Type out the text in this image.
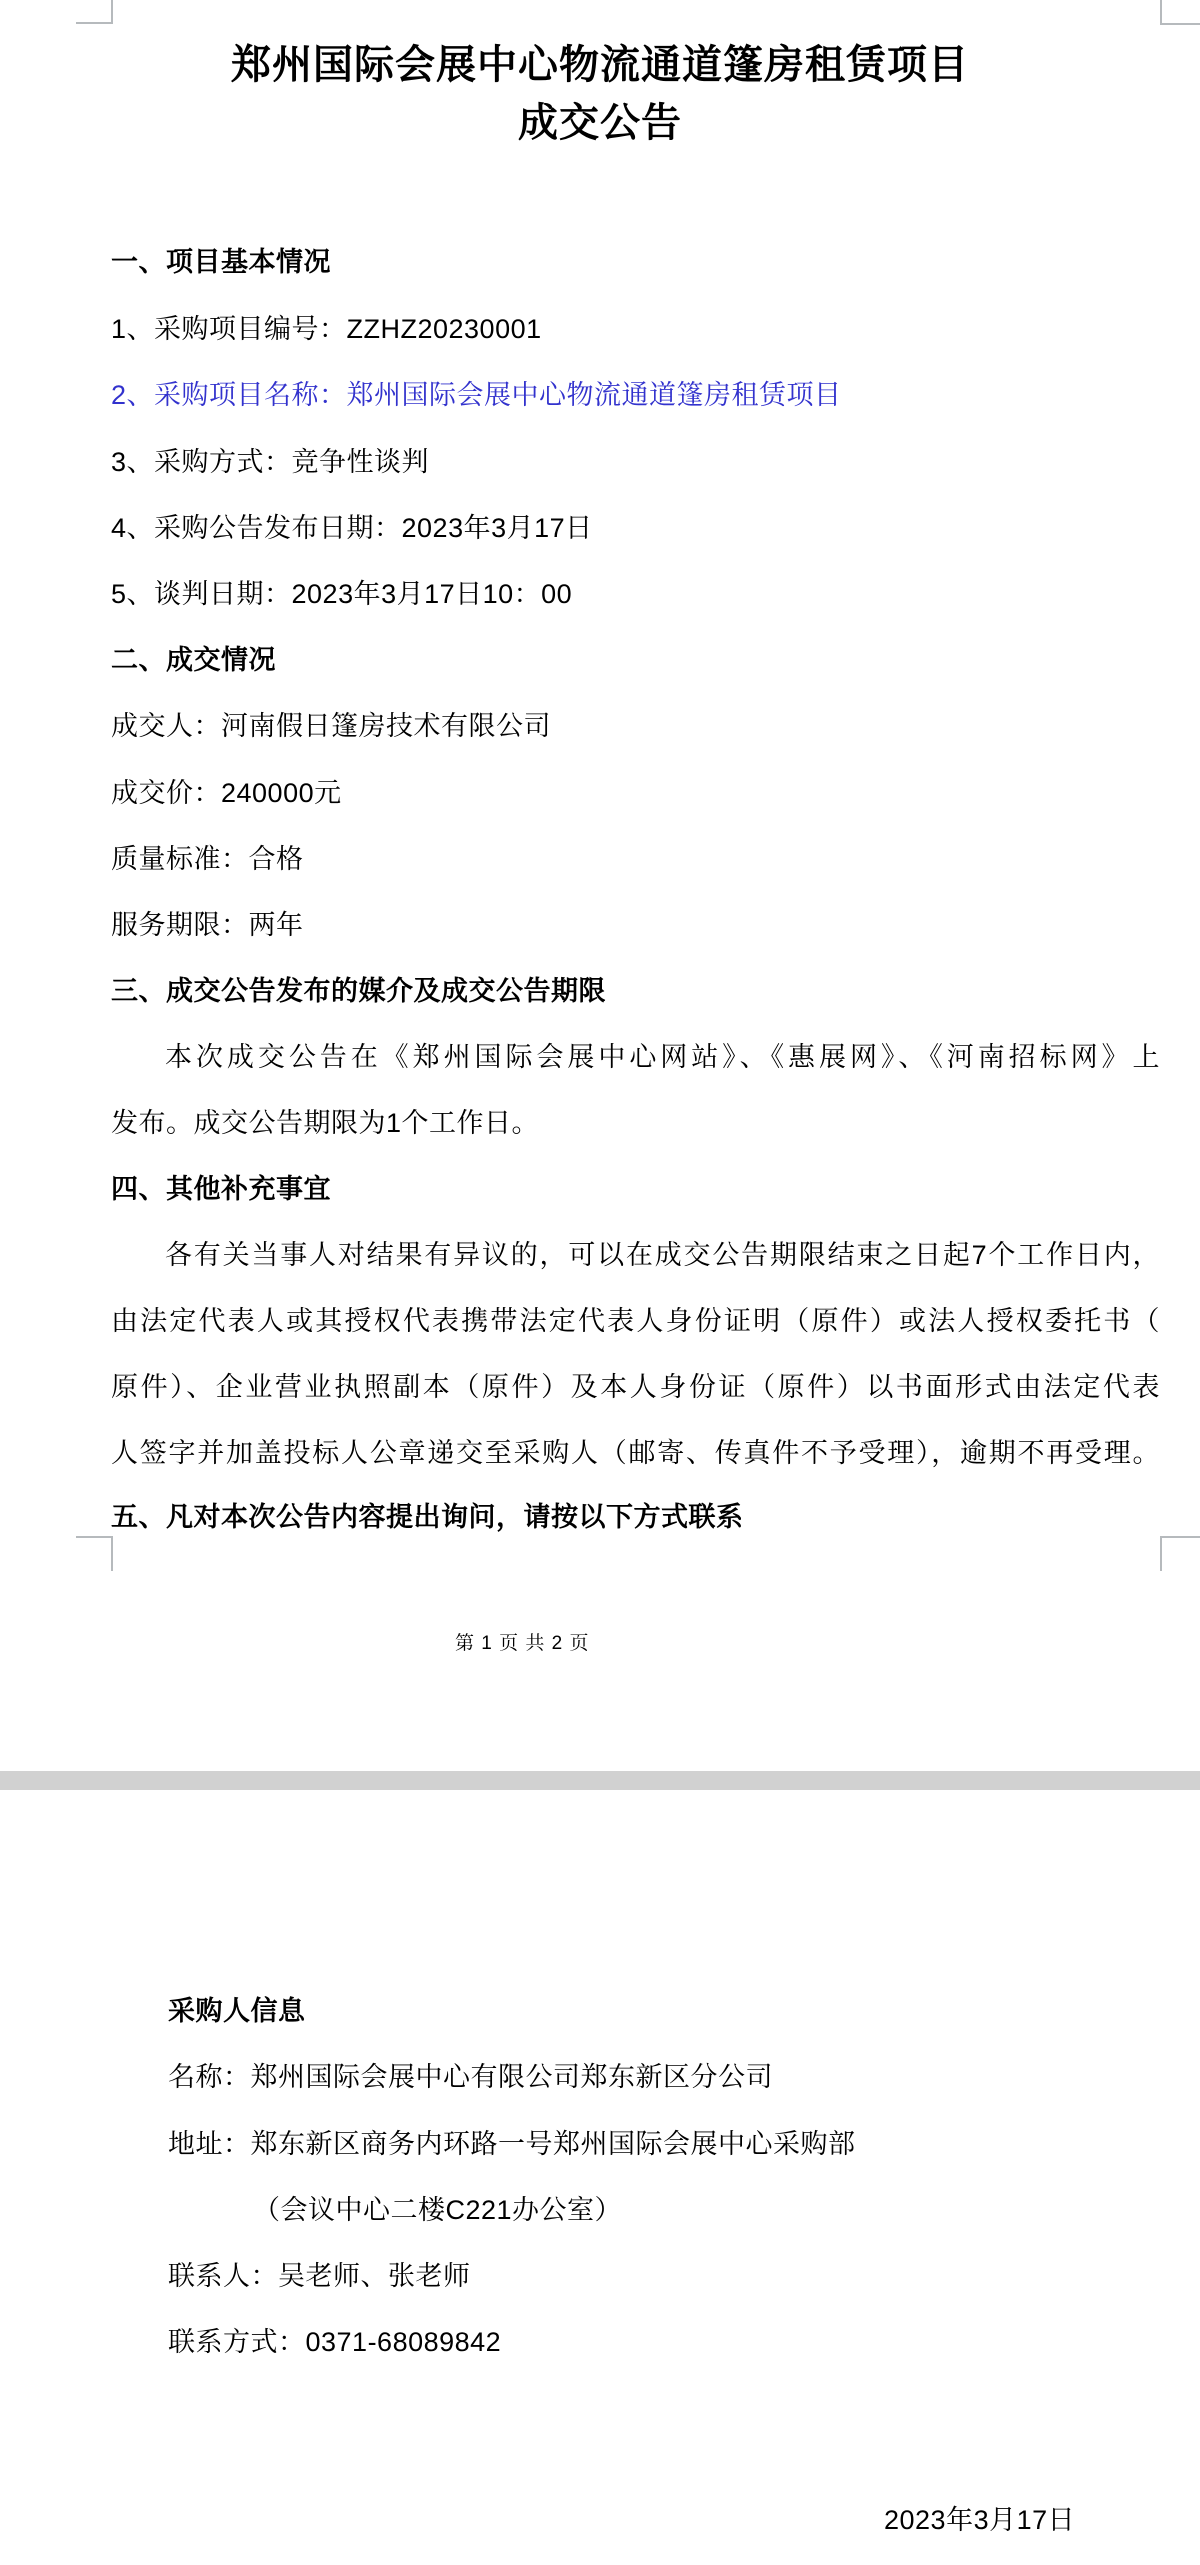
郑州国际会展中心物流通道篷房租赁项目
成交公告
一、项目基本情况
1、采购项目编号：ZZHZ20230001
2、采购项目名称：郑州国际会展中心物流通道篷房租赁项目
3、采购方式：竞争性谈判
4、采购公告发布日期：2023年3月17日
5、谈判日期：2023年3月17日10：00
二、成交情况
成交人：河南假日篷房技术有限公司
成交价：240000元
质量标准：合格
服务期限：两年
三、成交公告发布的媒介及成交公告期限
本次成交公告在《郑州国际会展中心网站》、《惠展网》、《河南招标网》上
发布。成交公告期限为1个工作日。
四、其他补充事宜
各有关当事人对结果有异议的，可以在成交公告期限结束之日起7个工作日内，
由法定代表人或其授权代表携带法定代表人身份证明（原件）或法人授权委托书（
原件）、企业营业执照副本（原件）及本人身份证（原件）以书面形式由法定代表
人签字并加盖投标人公章递交至采购人（邮寄、传真件不予受理），逾期不再受理。
五、凡对本次公告内容提出询问，请按以下方式联系
第 1 页 共 2 页
采购人信息
名称：郑州国际会展中心有限公司郑东新区分公司
地址：郑东新区商务内环路一号郑州国际会展中心采购部
（会议中心二楼C221办公室）
联系人：吴老师、张老师
联系方式：0371-68089842
2023年3月17日
